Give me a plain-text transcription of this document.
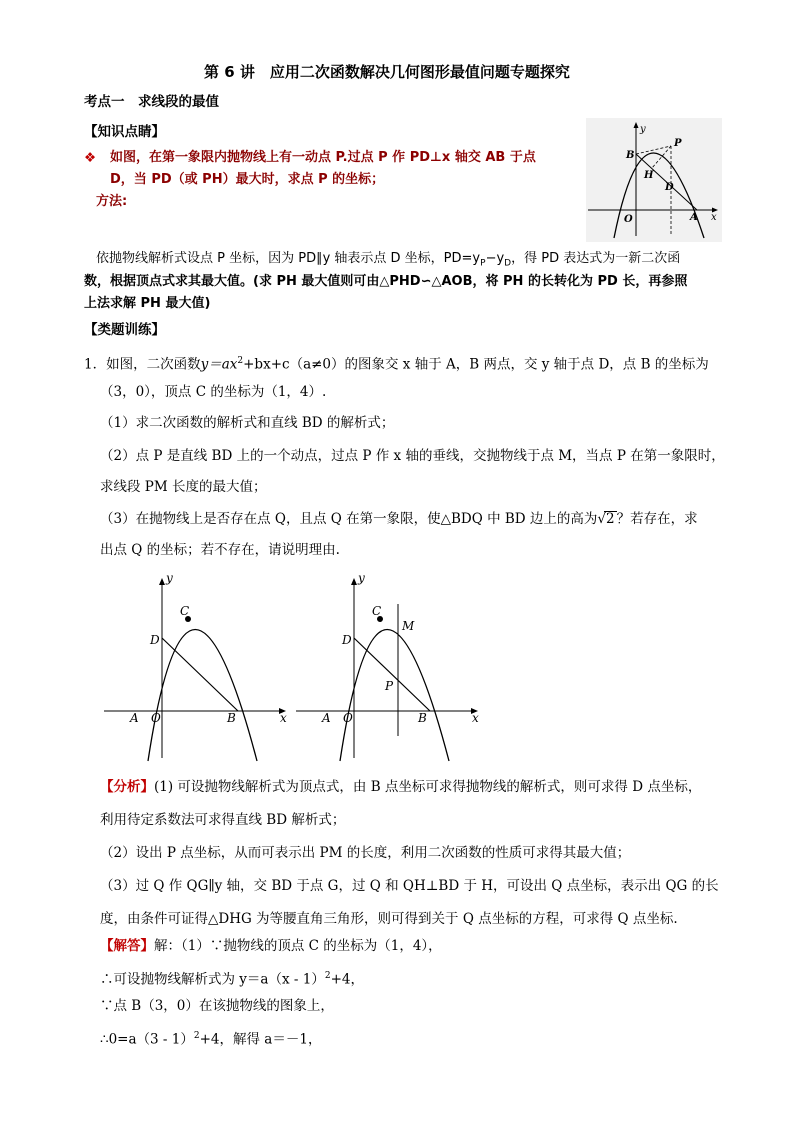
第 6 讲　应用二次函数解决几何图形最值问题专题探究
考点一　求线段的最值
【知识点睛】
❖ 如图，在第一象限内抛物线上有一动点 P.过点 P 作 PD⊥x 轴交 AB 于点
D，当 PD（或 PH）最大时，求点 P 的坐标；
方法:
B
P
H
D
O	A
y
x
依抛物线解析式设点 P 坐标，因为 PD∥y 轴表示点 D 坐标，$PD=y_P-y_D$，得 PD 表达式为一新二次函
数，根据顶点式求其最大值。(求 PH 最大值则可由△PHD∽△AOB，将 PH 的长转化为 PD 长，再参照
上法求解 PH 最大值)
【类题训练】
1．如图，二次函数$y=ax^2+bx+c(a\ne 0)$的图象交 x 轴于 A，B 两点，交 y 轴于点 D，点 B 的坐标为
（3，0），顶点 C 的坐标为（1，4）.
（1）求二次函数的解析式和直线 BD 的解析式；
（2）点 P 是直线 BD 上的一个动点，过点 P 作 x 轴的垂线，交抛物线于点 M，当点 P 在第一象限时，
求线段 PM 长度的最大值；
（3）在抛物线上是否存在点 Q，且点 Q 在第一象限，使△BDQ 中 BD 边上的高为√2 ？若存在，求
出点 Q 的坐标；若不存在，请说明理由.
y
x
C
D
A O	B
y
x
C
M
D
P
A O	B
【分析】(1) 可设抛物线解析式为顶点式，由 B 点坐标可求得抛物线的解析式，则可求得 D 点坐标，
利用待定系数法可求得直线 BD 解析式；
（2）设出 P 点坐标，从而可表示出 PM 的长度，利用二次函数的性质可求得其最大值；
（3）过 Q 作 QG∥y 轴，交 BD 于点 G，过 Q 和 QH⊥BD 于 H，可设出 Q 点坐标，表示出 QG 的长
度，由条件可证得△DHG 为等腰直角三角形，则可得到关于 Q 点坐标的方程，可求得 Q 点坐标.
【解答】解：（1）∵抛物线的顶点 C 的坐标为（1，4），
∴可设抛物线解析式为 y＝a（x - 1）$^2$+4，
∵点 B（3，0）在该抛物线的图象上，
∴0=a（3 - 1）$^2$+4，解得 a＝－1，
